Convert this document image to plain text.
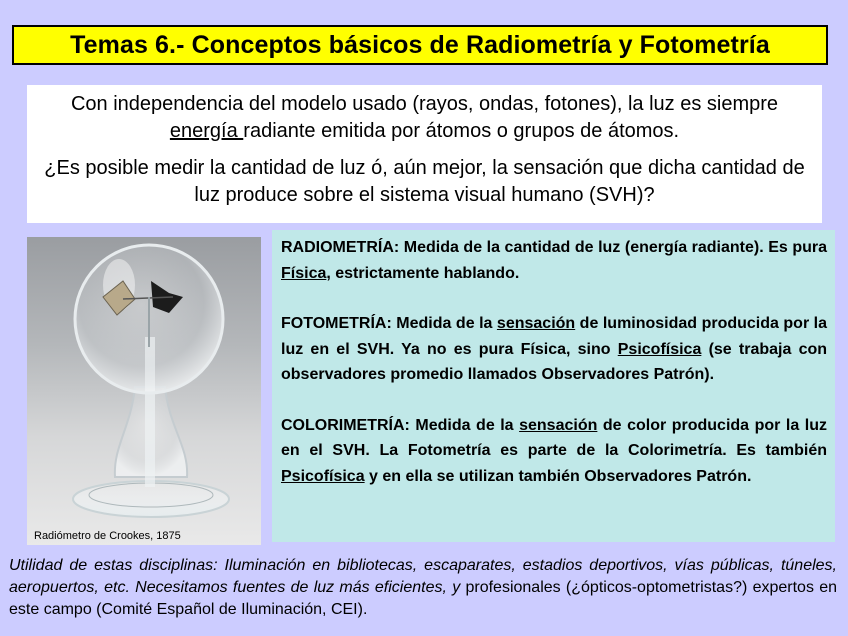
Temas 6.- Conceptos básicos de Radiometría y Fotometría

Con independencia del modelo usado (rayos, ondas, fotones), la luz es siempre energía radiante emitida por átomos o grupos de átomos.

¿Es posible medir la cantidad de luz ó, aún mejor, la sensación que dicha cantidad de luz produce sobre el sistema visual humano (SVH)?

Radiómetro de Crookes, 1875

RADIOMETRÍA: Medida de la cantidad de luz (energía radiante). Es pura Física, estrictamente hablando.

FOTOMETRÍA: Medida de la sensación de luminosidad producida por la luz en el SVH. Ya no es pura Física, sino Psicofísica (se trabaja con observadores promedio llamados Observadores Patrón).

COLORIMETRÍA: Medida de la sensación de color producida por la luz en el SVH. La Fotometría es parte de la Colorimetría. Es también Psicofísica y en ella se utilizan también Observadores Patrón.

Utilidad de estas disciplinas: Iluminación en bibliotecas, escaparates, estadios deportivos, vías públicas, túneles, aeropuertos, etc. Necesitamos fuentes de luz más eficientes, y profesionales (¿ópticos-optometristas?) expertos en este campo (Comité Español de Iluminación, CEI).
